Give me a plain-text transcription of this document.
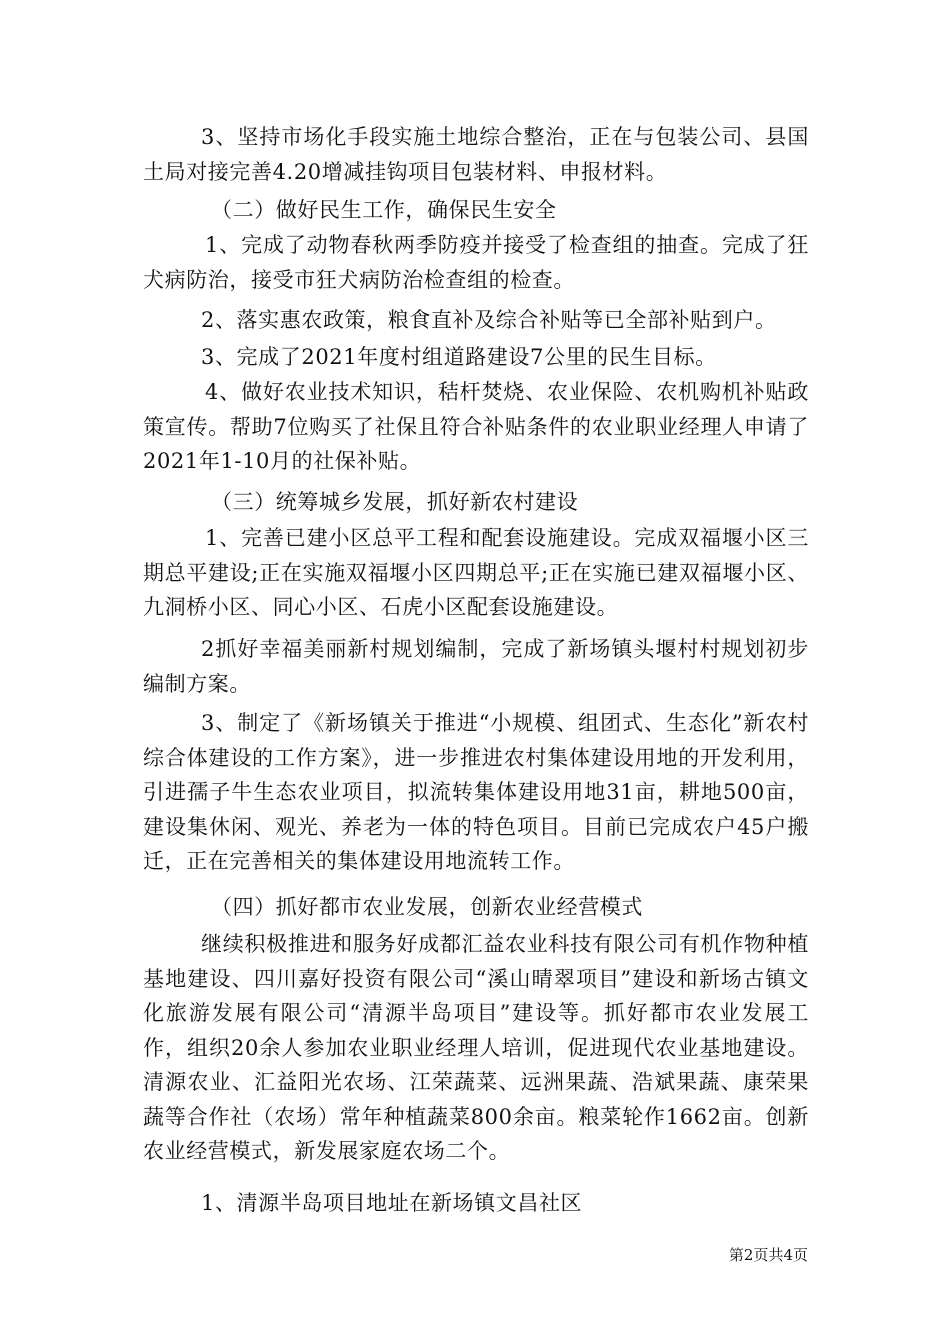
3、坚持市场化手段实施土地综合整治，正在与包装公司、县国土局对接完善4.20增减挂钩项目包装材料、申报材料。

（二）做好民生工作，确保民生安全

1、完成了动物春秋两季防疫并接受了检查组的抽查。完成了狂犬病防治，接受市狂犬病防治检查组的检查。

2、落实惠农政策，粮食直补及综合补贴等已全部补贴到户。

3、完成了2021年度村组道路建设7公里的民生目标。

4、做好农业技术知识，秸杆焚烧、农业保险、农机购机补贴政策宣传。帮助7位购买了社保且符合补贴条件的农业职业经理人申请了2021年1-10月的社保补贴。

（三）统筹城乡发展，抓好新农村建设

1、完善已建小区总平工程和配套设施建设。完成双福堰小区三期总平建设;正在实施双福堰小区四期总平;正在实施已建双福堰小区、九洞桥小区、同心小区、石虎小区配套设施建设。

2抓好幸福美丽新村规划编制，完成了新场镇头堰村村规划初步编制方案。

3、制定了《新场镇关于推进“小规模、组团式、生态化”新农村综合体建设的工作方案》，进一步推进农村集体建设用地的开发利用，引进孺子牛生态农业项目，拟流转集体建设用地31亩，耕地500亩，建设集休闲、观光、养老为一体的特色项目。目前已完成农户45户搬迁，正在完善相关的集体建设用地流转工作。

（四）抓好都市农业发展，创新农业经营模式

继续积极推进和服务好成都汇益农业科技有限公司有机作物种植基地建设、四川嘉好投资有限公司“溪山晴翠项目”建设和新场古镇文化旅游发展有限公司“清源半岛项目”建设等。抓好都市农业发展工作，组织20余人参加农业职业经理人培训，促进现代农业基地建设。清源农业、汇益阳光农场、江荣蔬菜、远洲果蔬、浩斌果蔬、康荣果蔬等合作社（农场）常年种植蔬菜800余亩。粮菜轮作1662亩。创新农业经营模式，新发展家庭农场二个。

1、清源半岛项目地址在新场镇文昌社区

第2页共4页
